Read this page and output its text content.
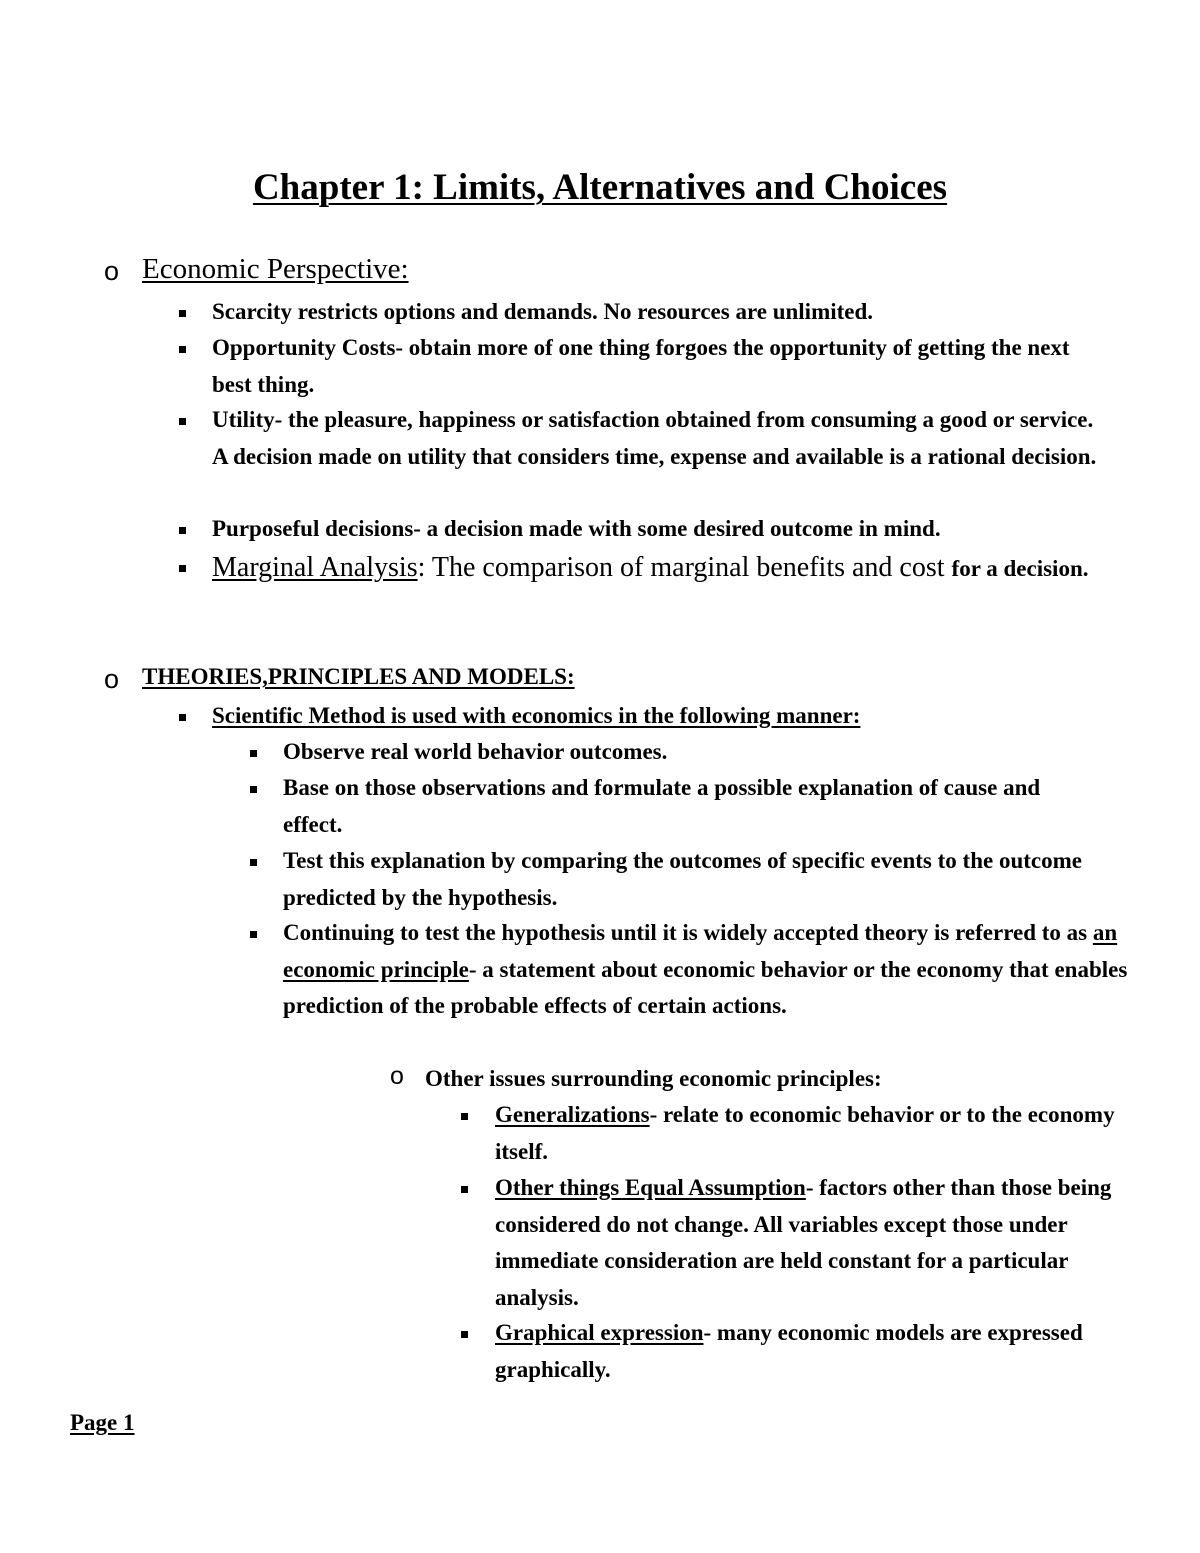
Chapter 1: Limits, Alternatives and Choices
o Economic Perspective:

Scarcity restricts options and demands. No resources are unlimited.

Opportunity Costs- obtain more of one thing forgoes the opportunity of getting the next best thing.

Utility- the pleasure, happiness or satisfaction obtained from consuming a good or service. A decision made on utility that considers time, expense and available is a rational decision.

Purposeful decisions- a decision made with some desired outcome in mind.

Marginal Analysis: The comparison of marginal benefits and cost for a decision.

o THEORIES,PRINCIPLES AND MODELS:

Scientific Method is used with economics in the following manner:

Observe real world behavior outcomes.

Base on those observations and formulate a possible explanation of cause and effect.

Test this explanation by comparing the outcomes of specific events to the outcome predicted by the hypothesis.

Continuing to test the hypothesis until it is widely accepted theory is referred to as an economic principle- a statement about economic behavior or the economy that enables prediction of the probable effects of certain actions.

o Other issues surrounding economic principles:

Generalizations- relate to economic behavior or to the economy itself.

Other things Equal Assumption- factors other than those being considered do not change. All variables except those under immediate consideration are held constant for a particular analysis.

Graphical expression- many economic models are expressed graphically.

Page 1
